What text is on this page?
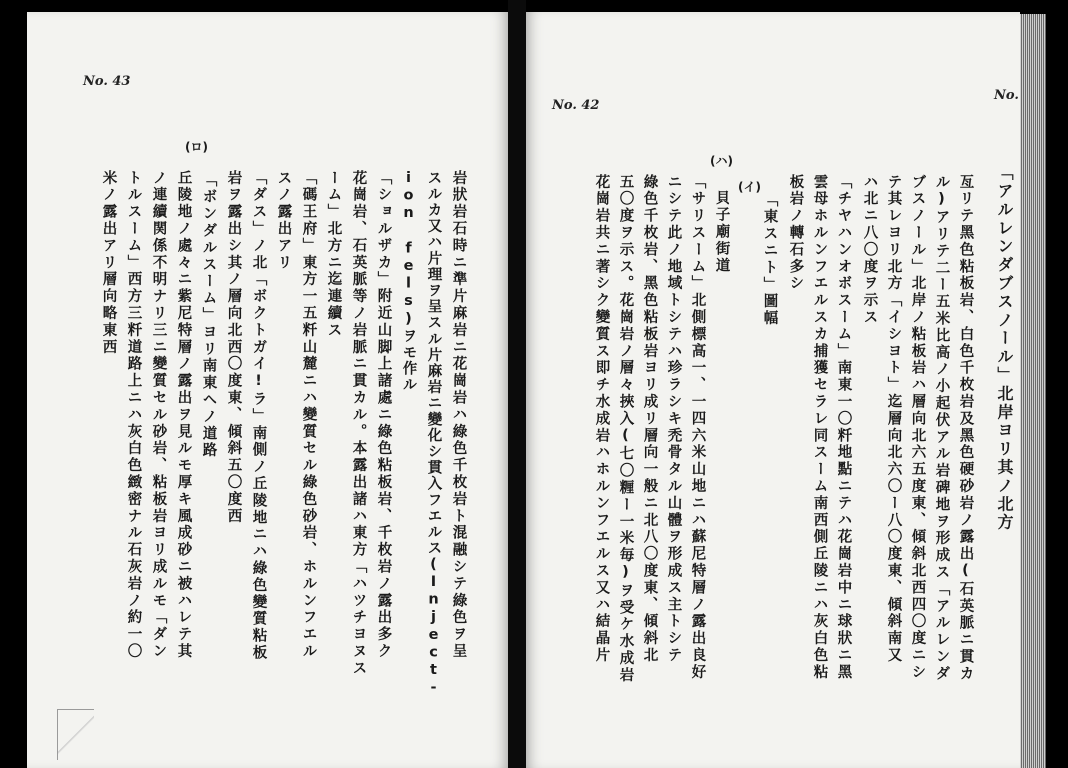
No. 43
(ロ)
岩狀岩石時ニ準片麻岩ニ花崗岩ハ綠色千枚岩ト混融シテ綠色ヲ呈
スルカ又ハ片理ヲ呈スル片麻岩ニ變化シ貫入フエルス(Inject-
ion fels)ヲモ作ル
「ショルザカ」附近山脚上諸處ニ綠色粘板岩、千枚岩ノ露出多ク
花崗岩、石英脈等ノ岩脈ニ貫カル。本露出諸ハ東方「ハツチヨヌス
ーム」北方ニ迄連續ス
「碼王府」東方一五粁山麓ニハ變質セル綠色砂岩、ホルンフエル
スノ露出アリ
「ダス」ノ北「ボクトガイ!ラ」南側ノ丘陵地ニハ綠色變質粘板
岩ヲ露出シ其ノ層向北西〇度東、傾斜五〇度西
「ボンダルスーム」ヨリ南東ヘノ道路
丘陵地ノ處々ニ紫尼特層ノ露出ヲ見ルモ厚キ風成砂ニ被ハレテ其
ノ連續関係不明ナリ三ニ變質セル砂岩、粘板岩ヨリ成ルモ「ダン
トルスーム」西方三粁道路上ニハ灰白色緻密ナル石灰岩ノ約一〇
米ノ露出アリ層向略東西
No. 42
亙リテ黑色粘板岩、白色千枚岩及黑色硬砂岩ノ露出(石英脈ニ貫カ
ル)アリテ二ー五米比高ノ小起伏アル岩碑地ヲ形成ス「アルレンダ
ブスノール」北岸ノ粘板岩ハ層向北六五度東、傾斜北西四〇度ニシ
テ其レヨリ北方「イシヨト」迄層向北六〇ー八〇度東、傾斜南又
ハ北ニ八〇度ヲ示ス
「チヤハンオボスーム」南東一〇粁地點ニテハ花崗岩中ニ球狀ニ黑
雲母ホルンフエルスカ捕獲セラレ同スーム南西側丘陵ニハ灰白色粘
板岩ノ轉石多シ
「東スニト」圖幅
(イ)
貝子廟街道
「サリスーム」北側標高一、一四六米山地ニハ蘇尼特層ノ露出良好
ニシテ此ノ地域トシテハ珍ラシキ禿骨タル山體ヲ形成ス主トシテ
綠色千枚岩、黑色粘板岩ヨリ成リ層向一般ニ北八〇度東、傾斜北
五〇度ヲ示ス。花崗岩ノ層々挾入(七〇糎ー一米毎)ヲ受ケ水成岩
花崗岩共ニ著シク變質ス即チ水成岩ハホルンフエルス又ハ結晶片
(ハ)
No.
「アルレンダブスノール」北岸ヨリ其ノ北方
